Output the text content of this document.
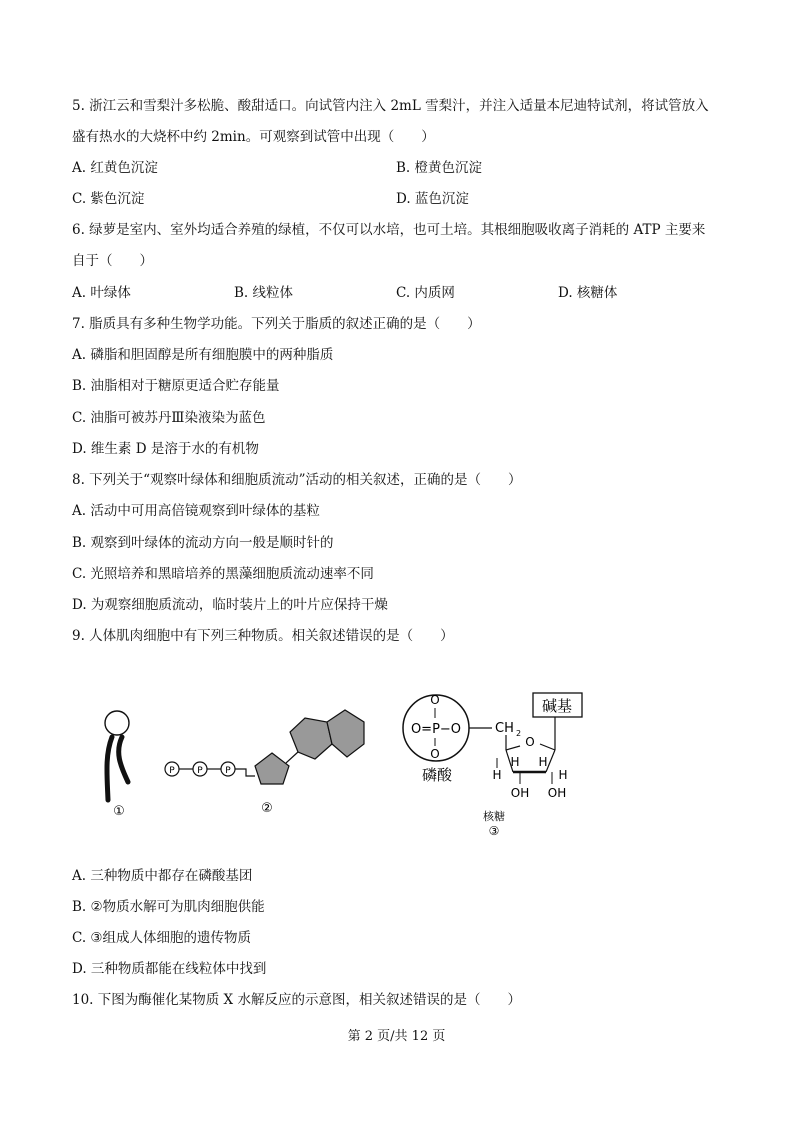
5. 浙江云和雪梨汁多松脆、酸甜适口。向试管内注入 2mL 雪梨汁，并注入适量本尼迪特试剂，将试管放入
盛有热水的大烧杯中约 2min。可观察到试管中出现（　　）
A. 红黄色沉淀	B. 橙黄色沉淀
C. 紫色沉淀	D. 蓝色沉淀
6. 绿萝是室内、室外均适合养殖的绿植，不仅可以水培，也可土培。其根细胞吸收离子消耗的 ATP 主要来
自于（　　）
A. 叶绿体	B. 线粒体	C. 内质网	D. 核糖体
7. 脂质具有多种生物学功能。下列关于脂质的叙述正确的是（　　）
A. 磷脂和胆固醇是所有细胞膜中的两种脂质
B. 油脂相对于糖原更适合贮存能量
C. 油脂可被苏丹Ⅲ染液染为蓝色
D. 维生素 D 是溶于水的有机物
8. 下列关于“观察叶绿体和细胞质流动”活动的相关叙述，正确的是（　　）
A. 活动中可用高倍镜观察到叶绿体的基粒
B. 观察到叶绿体的流动方向一般是顺时针的
C. 光照培养和黑暗培养的黑藻细胞质流动速率不同
D. 为观察细胞质流动，临时装片上的叶片应保持干燥
9. 人体肌肉细胞中有下列三种物质。相关叙述错误的是（　　）
①
P	P	P
②
O
O=P−O
O
磷酸
CH 2
O
碱基
H
H H
H
OH OH
核糖
③
A. 三种物质中都存在磷酸基团
B. ②物质水解可为肌肉细胞供能
C. ③组成人体细胞的遗传物质
D. 三种物质都能在线粒体中找到
10. 下图为酶催化某物质 X 水解反应的示意图，相关叙述错误的是（　　）
第 2 页/共 12 页
